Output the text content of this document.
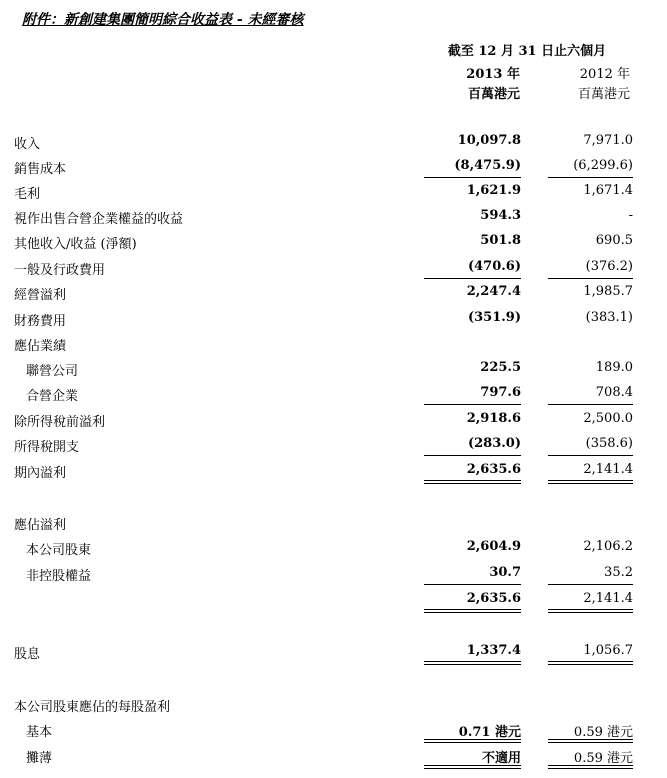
附件：新創建集團簡明綜合收益表 - 未經審核
截至 12 月 31 日止六個月
2013 年	2012 年
百萬港元	百萬港元
收入	10,097.8	7,971.0
銷售成本	(8,475.9)	(6,299.6)
毛利	1,621.9	1,671.4
視作出售合營企業權益的收益	594.3	-
其他收入/收益 (淨額)	501.8	690.5
一般及行政費用	(470.6)	(376.2)
經營溢利	2,247.4	1,985.7
財務費用	(351.9)	(383.1)
應佔業績
聯營公司	225.5	189.0
合營企業	797.6	708.4
除所得稅前溢利	2,918.6	2,500.0
所得稅開支	(283.0)	(358.6)
期內溢利	2,635.6	2,141.4
應佔溢利
本公司股東	2,604.9	2,106.2
非控股權益	30.7	35.2
2,635.6	2,141.4
股息	1,337.4	1,056.7
本公司股東應佔的每股盈利
基本	0.71 港元	0.59 港元
攤薄	不適用	0.59 港元
